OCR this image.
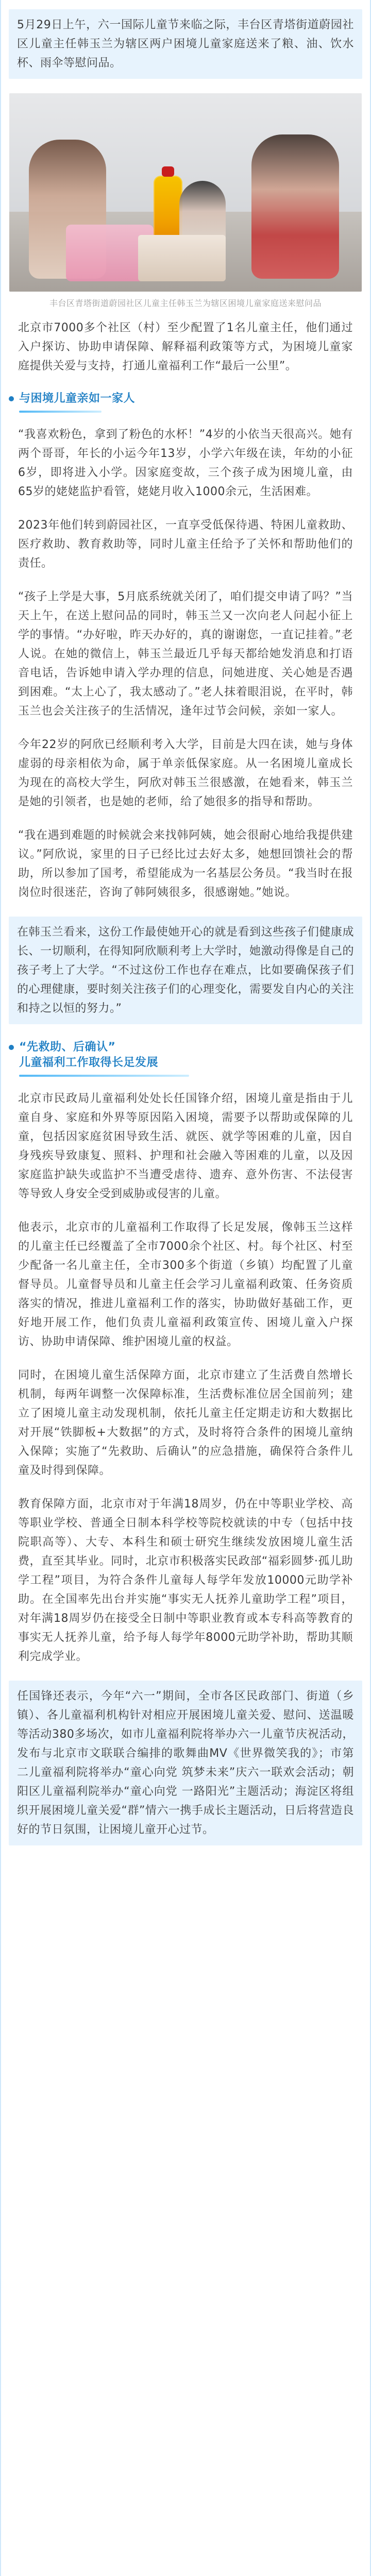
5月29日上午，六一国际儿童节来临之际，丰台区青塔街道蔚园社区儿童主任韩玉兰为辖区两户困境儿童家庭送来了粮、油、饮水杯、雨伞等慰问品。
丰台区青塔街道蔚园社区儿童主任韩玉兰为辖区困境儿童家庭送来慰问品
北京市7000多个社区（村）至少配置了1名儿童主任，他们通过入户探访、协助申请保障、解释福利政策等方式，为困境儿童家庭提供关爱与支持，打通儿童福利工作“最后一公里”。
与困境儿童亲如一家人
“我喜欢粉色，拿到了粉色的水杯！”4岁的小依当天很高兴。她有两个哥哥，年长的小运今年13岁，小学六年级在读，年幼的小征6岁，即将进入小学。因家庭变故，三个孩子成为困境儿童，由65岁的姥姥监护看管，姥姥月收入1000余元，生活困难。
2023年他们转到蔚园社区，一直享受低保待遇、特困儿童救助、医疗救助、教育救助等，同时儿童主任给予了关怀和帮助他们的责任。
“孩子上学是大事，5月底系统就关闭了，咱们提交申请了吗？”当天上午，在送上慰问品的同时，韩玉兰又一次向老人问起小征上学的事情。“办好啦，昨天办好的，真的谢谢您，一直记挂着。”老人说。在她的微信上，韩玉兰最近几乎每天都给她发消息和打语音电话，告诉她申请入学办理的信息，问她进度、关心她是否遇到困难。“太上心了，我太感动了。”老人抹着眼泪说，在平时，韩玉兰也会关注孩子的生活情况，逢年过节会问候，亲如一家人。
今年22岁的阿欣已经顺利考入大学，目前是大四在读，她与身体虚弱的母亲相依为命，属于单亲低保家庭。从一名困境儿童成长为现在的高校大学生，阿欣对韩玉兰很感激，在她看来，韩玉兰是她的引领者，也是她的老师，给了她很多的指导和帮助。
“我在遇到难题的时候就会来找韩阿姨，她会很耐心地给我提供建议。”阿欣说，家里的日子已经比过去好太多，她想回馈社会的帮助，所以参加了国考，希望能成为一名基层公务员。“我当时在报岗位时很迷茫，咨询了韩阿姨很多，很感谢她。”她说。
在韩玉兰看来，这份工作最使她开心的就是看到这些孩子们健康成长、一切顺利，在得知阿欣顺利考上大学时，她激动得像是自己的孩子考上了大学。“不过这份工作也存在难点，比如要确保孩子们的心理健康，要时刻关注孩子们的心理变化，需要发自内心的关注和持之以恒的努力。”
“先救助、后确认”
儿童福利工作取得长足发展
北京市民政局儿童福利处处长任国锋介绍，困境儿童是指由于儿童自身、家庭和外界等原因陷入困境，需要予以帮助或保障的儿童，包括因家庭贫困导致生活、就医、就学等困难的儿童，因自身残疾导致康复、照料、护理和社会融入等困难的儿童，以及因家庭监护缺失或监护不当遭受虐待、遗弃、意外伤害、不法侵害等导致人身安全受到威胁或侵害的儿童。
他表示，北京市的儿童福利工作取得了长足发展，像韩玉兰这样的儿童主任已经覆盖了全市7000余个社区、村。每个社区、村至少配备一名儿童主任，全市300多个街道（乡镇）均配置了儿童督导员。儿童督导员和儿童主任会学习儿童福利政策、任务资质落实的情况，推进儿童福利工作的落实，协助做好基础工作，更好地开展工作，他们负责儿童福利政策宣传、困境儿童入户探访、协助申请保障、维护困境儿童的权益。
同时，在困境儿童生活保障方面，北京市建立了生活费自然增长机制，每两年调整一次保障标准，生活费标准位居全国前列；建立了困境儿童主动发现机制，依托儿童主任定期走访和大数据比对开展“铁脚板+大数据”的方式，及时将符合条件的困境儿童纳入保障；实施了“先救助、后确认”的应急措施，确保符合条件儿童及时得到保障。
教育保障方面，北京市对于年满18周岁，仍在中等职业学校、高等职业学校、普通全日制本科学校等院校就读的中专（包括中技院职高等）、大专、本科生和硕士研究生继续发放困境儿童生活费，直至其毕业。同时，北京市积极落实民政部“福彩圆梦·孤儿助学工程”项目，为符合条件儿童每人每学年发放10000元助学补助。在全国率先出台并实施“事实无人抚养儿童助学工程”项目，对年满18周岁仍在接受全日制中等职业教育或本专科高等教育的事实无人抚养儿童，给予每人每学年8000元助学补助，帮助其顺利完成学业。
任国锋还表示，今年“六一”期间，全市各区民政部门、街道（乡镇）、各儿童福利机构针对相应开展困境儿童关爱、慰问、送温暖等活动380多场次，如市儿童福利院将举办六一儿童节庆祝活动，发布与北京市文联联合编排的歌舞曲MV《世界微笑我的》；市第二儿童福利院将举办“童心向党 筑梦未来”庆六一联欢会活动；朝阳区儿童福利院举办“童心向党 一路阳光”主题活动；海淀区将组织开展困境儿童关爱“群”情六一携手成长主题活动，日后将营造良好的节日氛围，让困境儿童开心过节。
